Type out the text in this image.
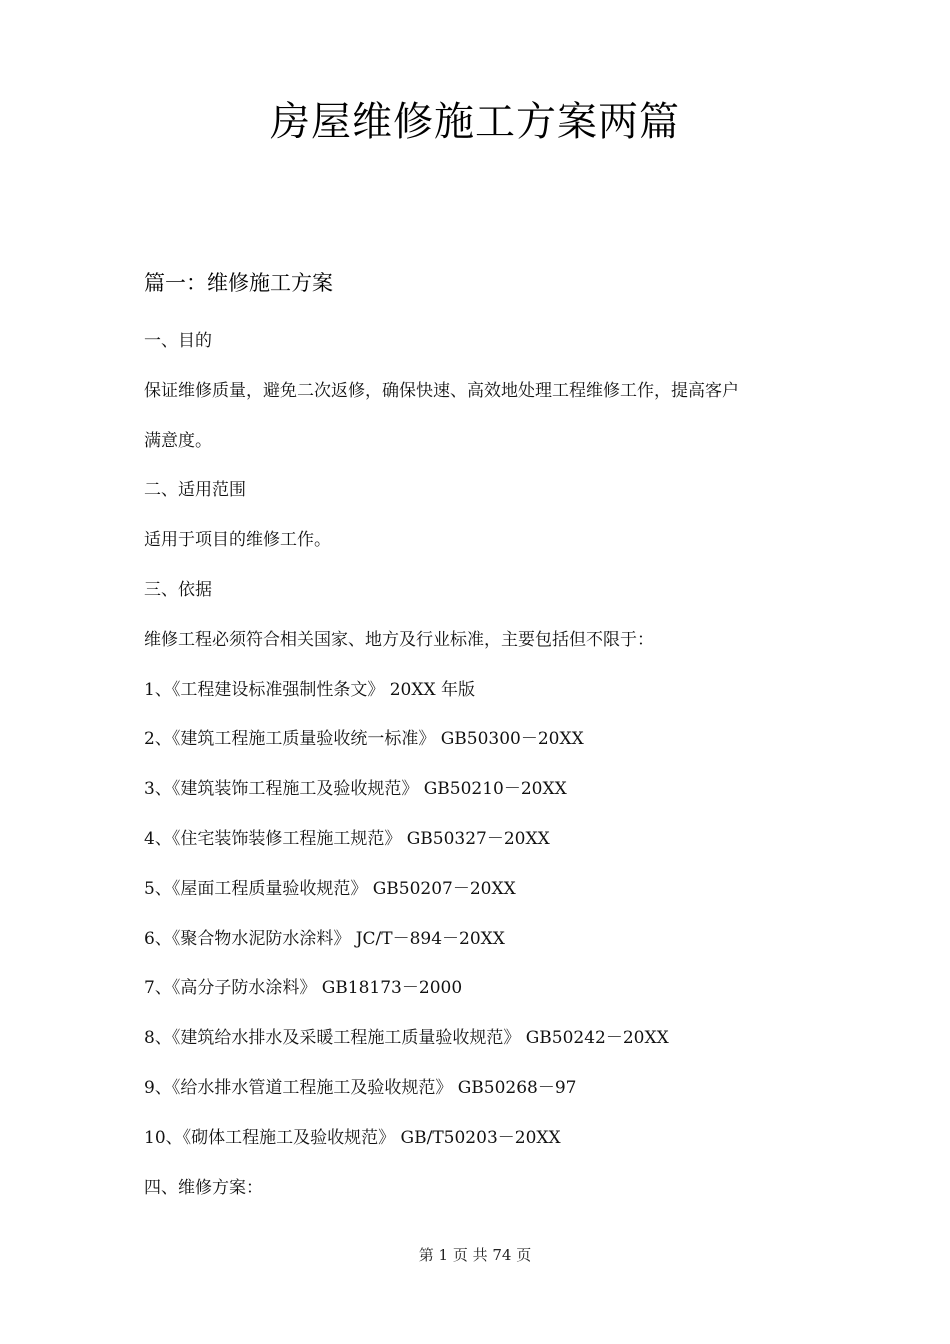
房屋维修施工方案两篇
篇一：维修施工方案
一、目的
保证维修质量，避免二次返修，确保快速、高效地处理工程维修工作，提高客户
满意度。
二、适用范围
适用于项目的维修工作。
三、依据
维修工程必须符合相关国家、地方及行业标准，主要包括但不限于：
1、《工程建设标准强制性条文》 20XX 年版
2、《建筑工程施工质量验收统一标准》 GB50300－20XX
3、《建筑装饰工程施工及验收规范》 GB50210－20XX
4、《住宅装饰装修工程施工规范》 GB50327－20XX
5、《屋面工程质量验收规范》 GB50207－20XX
6、《聚合物水泥防水涂料》 JC/T－894－20XX
7、《高分子防水涂料》 GB18173－2000
8、《建筑给水排水及采暖工程施工质量验收规范》 GB50242－20XX
9、《给水排水管道工程施工及验收规范》 GB50268－97
10、《砌体工程施工及验收规范》 GB/T50203－20XX
四、维修方案：
第 1 页 共 74 页
